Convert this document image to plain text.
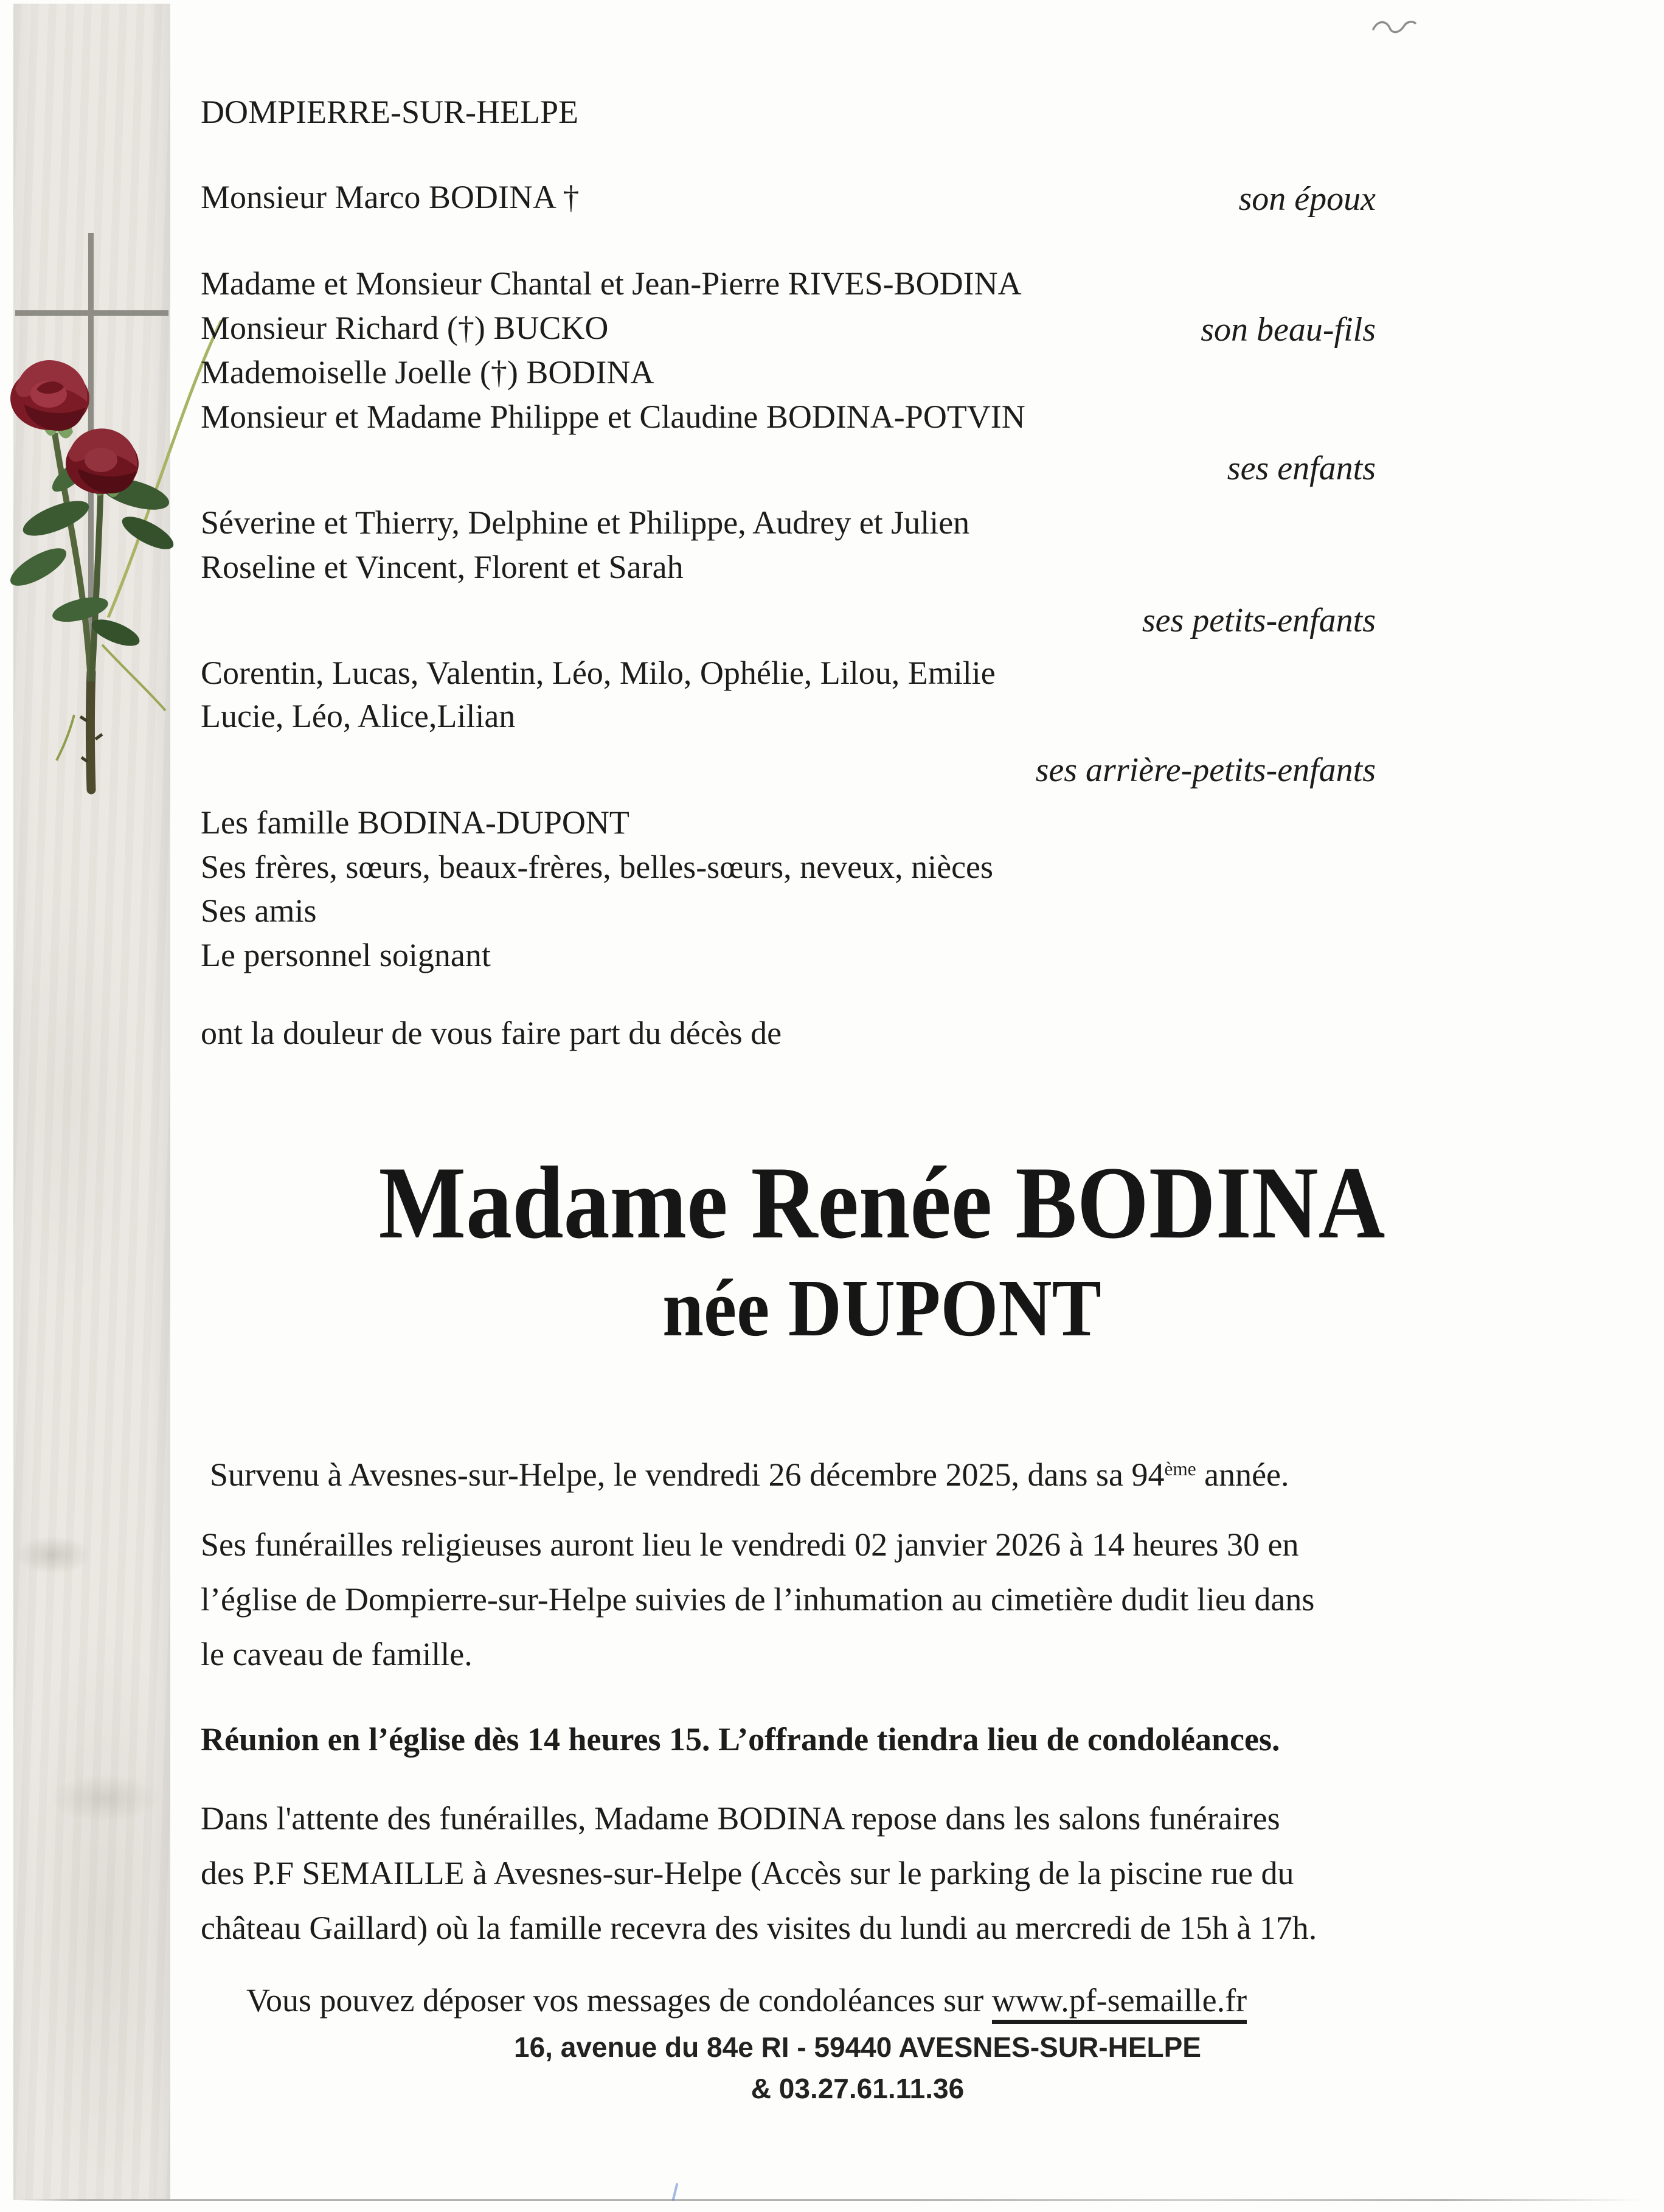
DOMPIERRE-SUR-HELPE
Monsieur Marco BODINA †	son époux
Madame et Monsieur Chantal et Jean-Pierre RIVES-BODINA
Monsieur Richard (†) BUCKO	son beau-fils
Mademoiselle Joelle (†) BODINA
Monsieur et Madame Philippe et Claudine BODINA-POTVIN
ses enfants
Séverine et Thierry, Delphine et Philippe, Audrey et Julien
Roseline et Vincent, Florent et Sarah
ses petits-enfants
Corentin, Lucas, Valentin, Léo, Milo, Ophélie, Lilou, Emilie
Lucie, Léo, Alice,Lilian
ses arrière-petits-enfants
Les famille BODINA-DUPONT
Ses frères, sœurs, beaux-frères, belles-sœurs, neveux, nièces
Ses amis
Le personnel soignant
ont la douleur de vous faire part du décès de
Madame Renée BODINA
née DUPONT
Survenu à Avesnes-sur-Helpe, le vendredi 26 décembre 2025, dans sa 94ème année.
Ses funérailles religieuses auront lieu le vendredi 02 janvier 2026 à 14 heures 30 en
l’église de Dompierre-sur-Helpe suivies de l’inhumation au cimetière dudit lieu dans
le caveau de famille.
Réunion en l’église dès 14 heures 15. L’offrande tiendra lieu de condoléances.
Dans l'attente des funérailles, Madame BODINA repose dans les salons funéraires
des P.F SEMAILLE à Avesnes-sur-Helpe (Accès sur le parking de la piscine rue du
château Gaillard) où la famille recevra des visites du lundi au mercredi de 15h à 17h.
Vous pouvez déposer vos messages de condoléances sur www.pf-semaille.fr
16, avenue du 84e RI - 59440 AVESNES-SUR-HELPE
& 03.27.61.11.36
